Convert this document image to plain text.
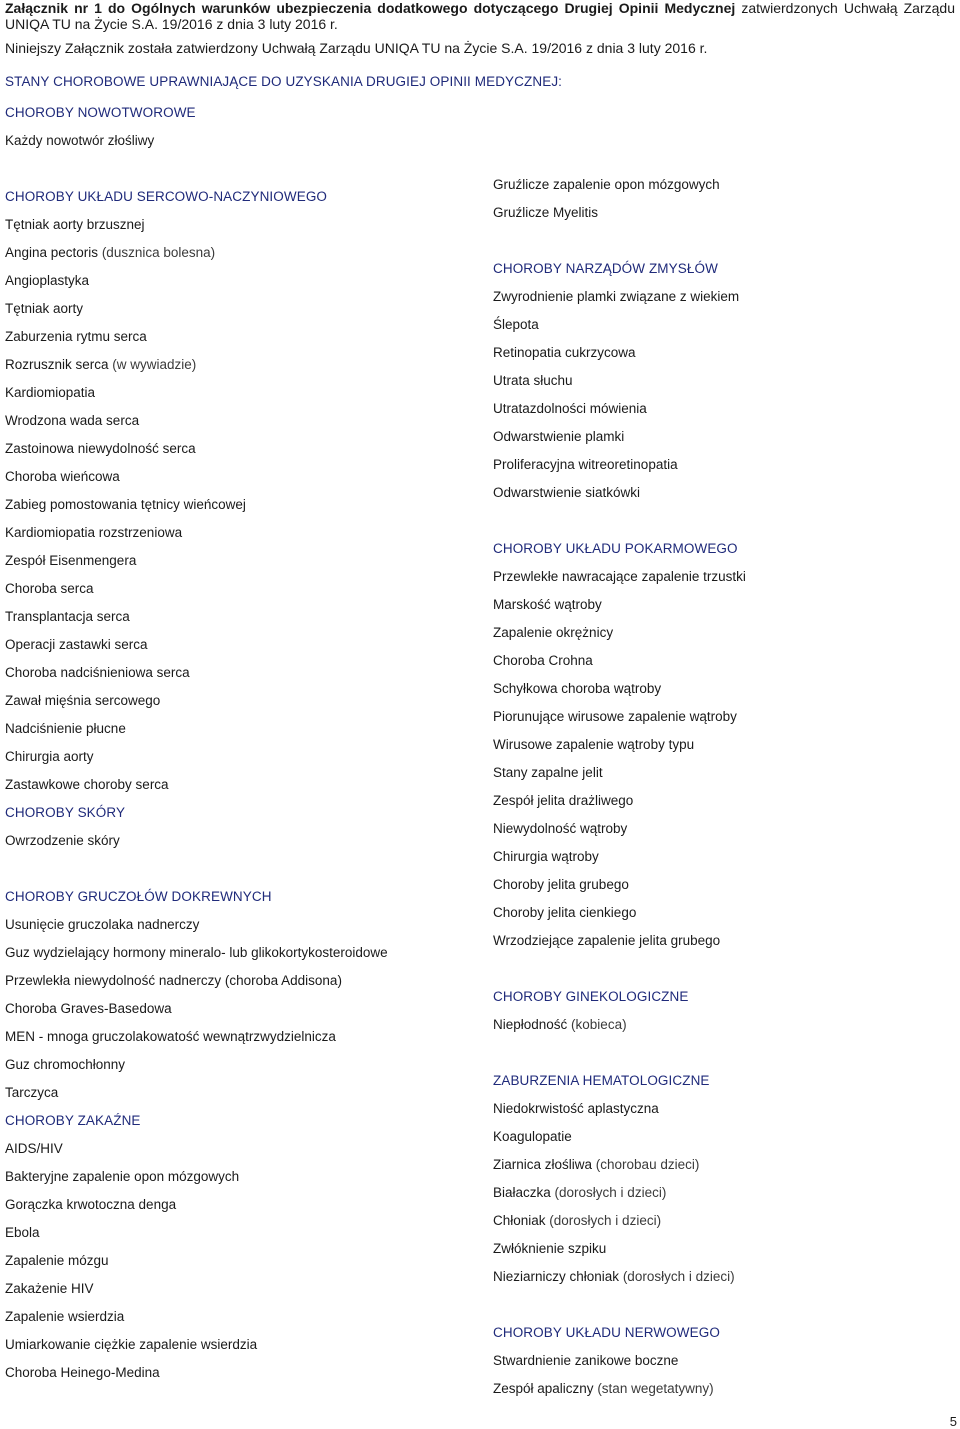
Załącznik nr 1 do Ogólnych warunków ubezpieczenia dodatkowego dotyczącego Drugiej Opinii Medycznej zatwierdzonych Uchwałą Zarządu UNIQA TU na Życie S.A. 19/2016 z dnia 3 luty 2016 r.

Niniejszy Załącznik została zatwierdzony Uchwałą Zarządu UNIQA TU na Życie S.A. 19/2016 z dnia 3 luty 2016 r.
STANY CHOROBOWE UPRAWNIAJĄCE DO UZYSKANIA DRUGIEJ OPINII MEDYCZNEJ:
CHOROBY NOWOTWOROWE
Każdy nowotwór złośliwy
CHOROBY UKŁADU SERCOWO-NACZYNIOWEGO
Tętniak aorty brzusznej
Angina pectoris (dusznica bolesna)
Angioplastyka
Tętniak aorty
Zaburzenia rytmu serca
Rozrusznik serca (w wywiadzie)
Kardiomiopatia
Wrodzona wada serca
Zastoinowa niewydolność serca
Choroba wieńcowa
Zabieg pomostowania tętnicy wieńcowej
Kardiomiopatia rozstrzeniowa
Zespół Eisenmengera
Choroba serca
Transplantacja serca
Operacji zastawki serca
Choroba nadciśnieniowa serca
Zawał mięśnia sercowego
Nadciśnienie płucne
Chirurgia aorty
Zastawkowe choroby serca
CHOROBY SKÓRY
Owrzodzenie skóry
CHOROBY GRUCZOŁÓW DOKREWNYCH
Usunięcie gruczolaka nadnerczy
Guz wydzielający hormony mineralo- lub glikokortykosteroidowe
Przewlekła niewydolność nadnerczy (choroba Addisona)
Choroba Graves-Basedowa
MEN - mnoga gruczolakowatość wewnątrzwydzielnicza
Guz chromochłonny
Tarczyca
CHOROBY ZAKAŹNE
AIDS/HIV
Bakteryjne zapalenie opon mózgowych
Gorączka krwotoczna denga
Ebola
Zapalenie mózgu
Zakażenie HIV
Zapalenie wsierdzia
Umiarkowanie ciężkie zapalenie wsierdzia
Choroba Heinego-Medina
Gruźlicze zapalenie opon mózgowych
Gruźlicze Myelitis
CHOROBY NARZĄDÓW ZMYSŁÓW
Zwyrodnienie plamki związane z wiekiem
Ślepota
Retinopatia cukrzycowa
Utrata słuchu
Utratazdolności mówienia
Odwarstwienie plamki
Proliferacyjna witreoretinopatia
Odwarstwienie siatkówki
CHOROBY UKŁADU POKARMOWEGO
Przewlekłe nawracające zapalenie trzustki
Marskość wątroby
Zapalenie okrężnicy
Choroba Crohna
Schyłkowa choroba wątroby
Piorunujące wirusowe zapalenie wątroby
Wirusowe zapalenie wątroby typu
Stany zapalne jelit
Zespół jelita drażliwego
Niewydolność wątroby
Chirurgia wątroby
Choroby jelita grubego
Choroby jelita cienkiego
Wrzodziejące zapalenie jelita grubego
CHOROBY GINEKOLOGICZNE
Niepłodność (kobieca)
ZABURZENIA HEMATOLOGICZNE
Niedokrwistość aplastyczna
Koagulopatie
Ziarnica złośliwa (chorobau dzieci)
Białaczka (dorosłych i dzieci)
Chłoniak (dorosłych i dzieci)
Zwłóknienie szpiku
Nieziarniczy chłoniak (dorosłych i dzieci)
CHOROBY UKŁADU NERWOWEGO
Stwardnienie zanikowe boczne
Zespół apaliczny (stan wegetatywny)
5
